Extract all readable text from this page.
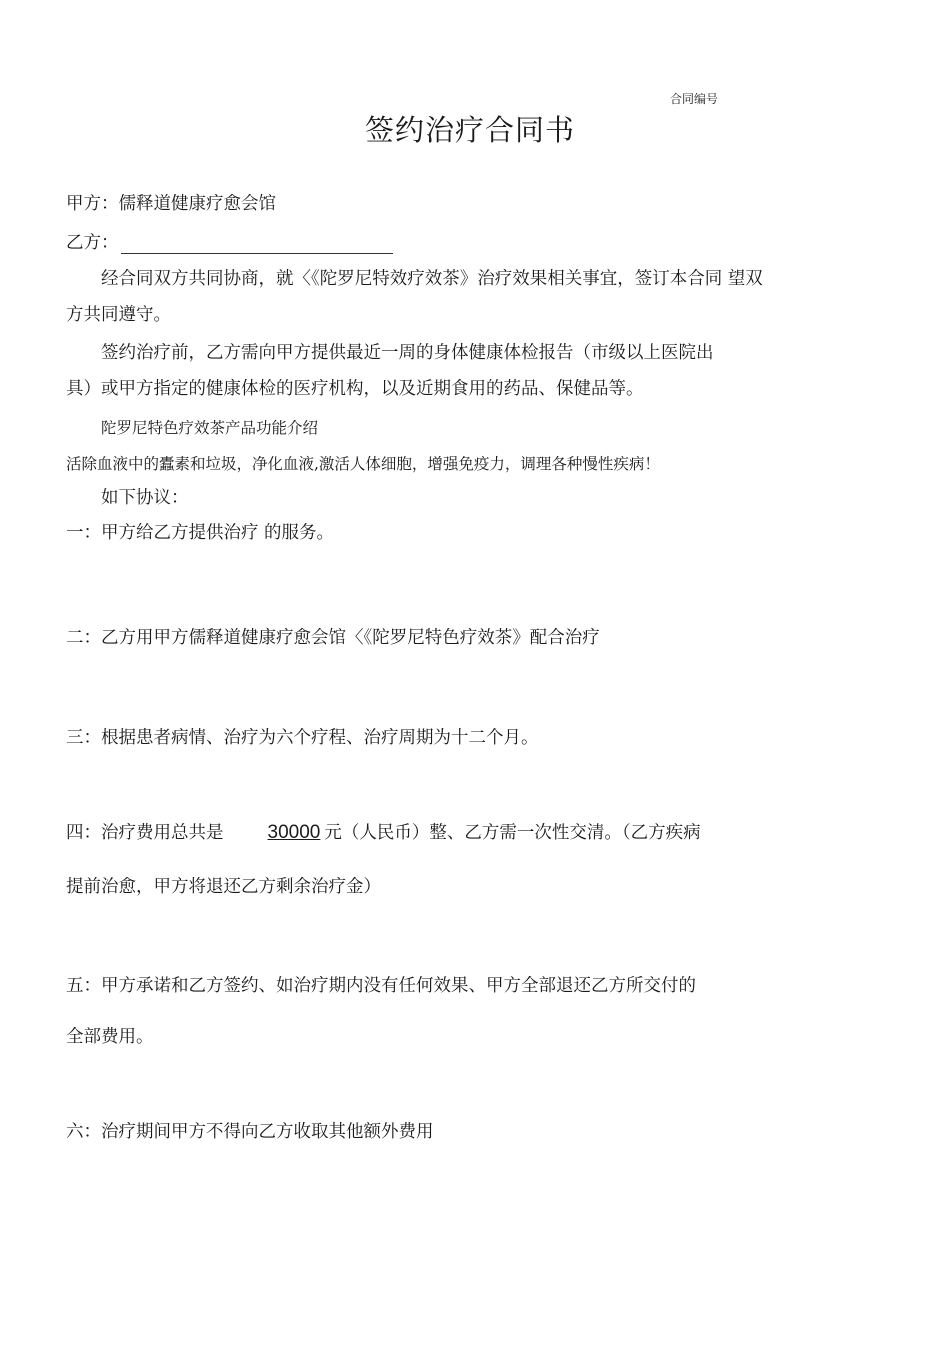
合同编号
签约治疗合同书
甲方：儒释道健康疗愈会馆
乙方：
经合同双方共同协商，就〈《陀罗尼特效疗效茶》治疗效果相关事宜，签订本合同 望双
方共同遵守。
签约治疗前，乙方需向甲方提供最近一周的身体健康体检报告（市级以上医院出
具）或甲方指定的健康体检的医疗机构，以及近期食用的药品、保健品等。
陀罗尼特色疗效茶产品功能介绍
活除血液中的蠹素和垃圾，净化血液,激活人体细胞，增强免疫力，调理各种慢性疾病！
如下协议：
一：甲方给乙方提供治疗 的服务。
二：乙方用甲方儒释道健康疗愈会馆〈《陀罗尼特色疗效茶》配合治疗
三：根据患者病情、治疗为六个疗程、治疗周期为十二个月。
四：治疗费用总共是 30000 元（人民币）整、乙方需一次性交清。（乙方疾病
提前治愈，甲方将退还乙方剩余治疗金）
五：甲方承诺和乙方签约、如治疗期内没有任何效果、甲方全部退还乙方所交付的
全部费用。
六：治疗期间甲方不得向乙方收取其他额外费用
